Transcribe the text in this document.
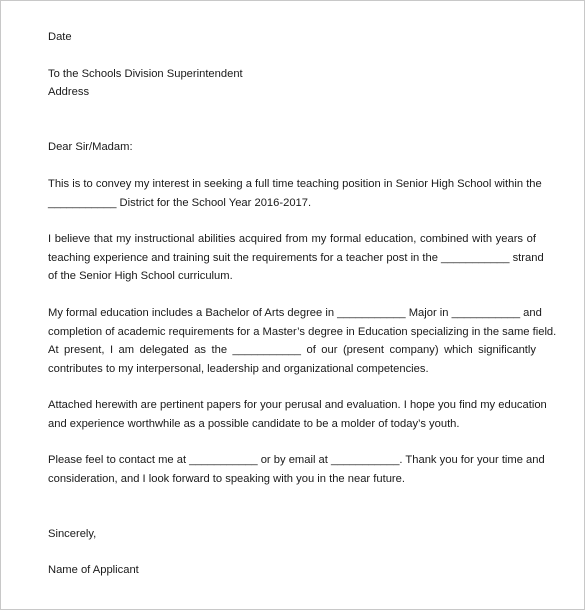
Date
To the Schools Division Superintendent
Address
Dear Sir/Madam:
This is to convey my interest in seeking a full time teaching position in Senior High School within the
___________ District for the School Year 2016-2017.
I believe that my instructional abilities acquired from my formal education, combined with years of
teaching experience and training suit the requirements for a teacher post in the ___________ strand
of the Senior High School curriculum.
My formal education includes a Bachelor of Arts degree in ___________ Major in ___________ and
completion of academic requirements for a Master’s degree in Education specializing in the same field.
At present, I am delegated as the ___________ of our (present company) which significantly
contributes to my interpersonal, leadership and organizational competencies.
Attached herewith are pertinent papers for your perusal and evaluation. I hope you find my education
and experience worthwhile as a possible candidate to be a molder of today’s youth.
Please feel to contact me at ___________ or by email at ___________. Thank you for your time and
consideration, and I look forward to speaking with you in the near future.
Sincerely,
Name of Applicant
